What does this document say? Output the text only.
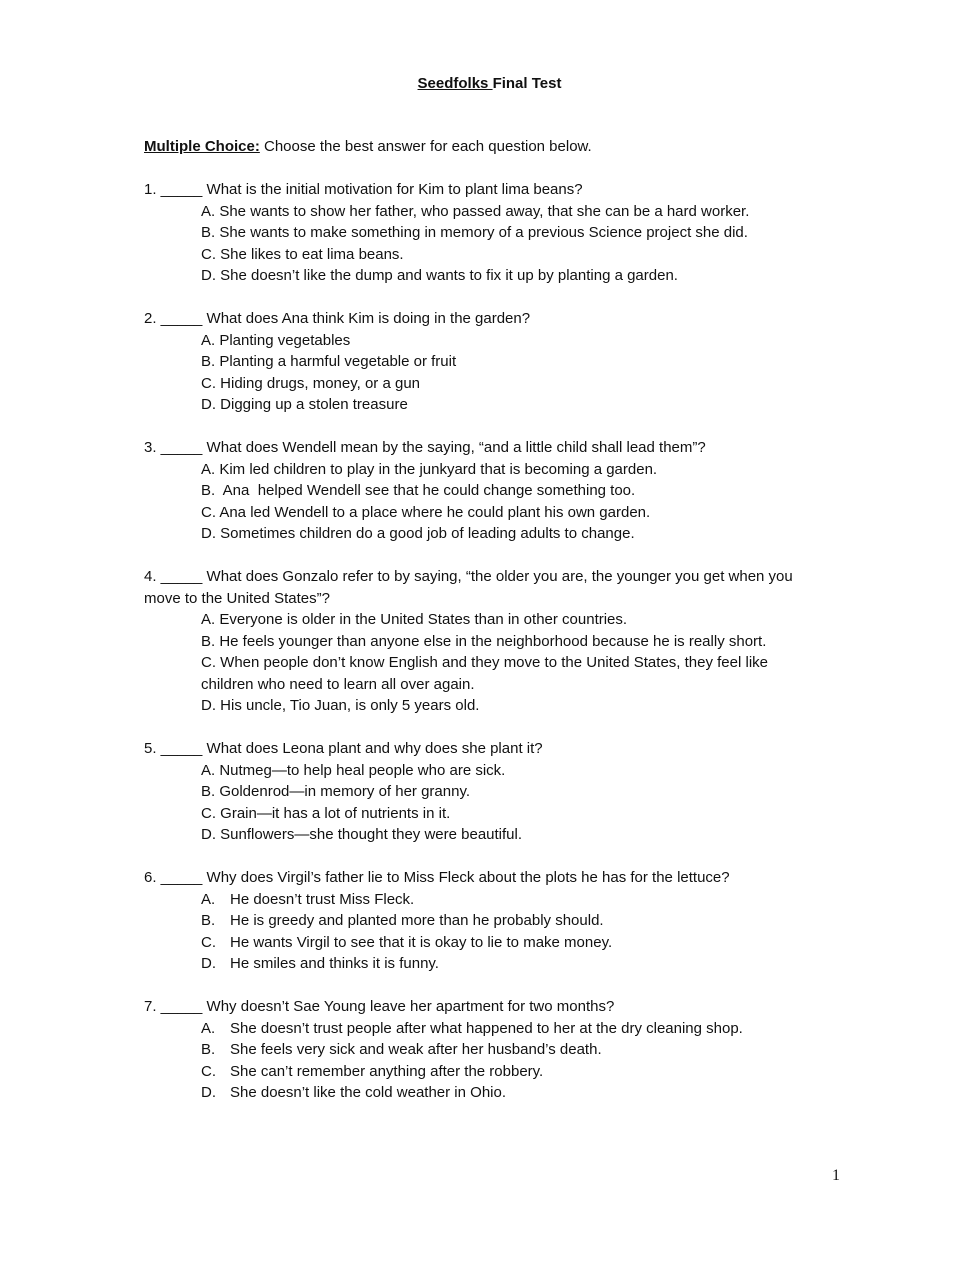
Seedfolks Final Test
Multiple Choice: Choose the best answer for each question below.

1. _____ What is the initial motivation for Kim to plant lima beans?

A. She wants to show her father, who passed away, that she can be a hard worker.

B. She wants to make something in memory of a previous Science project she did.

C. She likes to eat lima beans.

D. She doesn’t like the dump and wants to fix it up by planting a garden.

2. _____ What does Ana think Kim is doing in the garden?

A. Planting vegetables

B. Planting a harmful vegetable or fruit

C. Hiding drugs, money, or a gun

D. Digging up a stolen treasure

3. _____ What does Wendell mean by the saying, “and a little child shall lead them”?

A. Kim led children to play in the junkyard that is becoming a garden.

B.  Ana  helped Wendell see that he could change something too.

C. Ana led Wendell to a place where he could plant his own garden.

D. Sometimes children do a good job of leading adults to change.

4. _____ What does Gonzalo refer to by saying, “the older you are, the younger you get when you move to the United States”?

A. Everyone is older in the United States than in other countries.

B. He feels younger than anyone else in the neighborhood because he is really short.

C. When people don’t know English and they move to the United States, they feel like children who need to learn all over again.

D. His uncle, Tio Juan, is only 5 years old.

5. _____ What does Leona plant and why does she plant it?

A. Nutmeg—to help heal people who are sick.

B. Goldenrod—in memory of her granny.

C. Grain—it has a lot of nutrients in it.

D. Sunflowers—she thought they were beautiful.

6. _____ Why does Virgil’s father lie to Miss Fleck about the plots he has for the lettuce?

A. He doesn’t trust Miss Fleck.

B. He is greedy and planted more than he probably should.

C. He wants Virgil to see that it is okay to lie to make money.

D. He smiles and thinks it is funny.

7. _____ Why doesn’t Sae Young leave her apartment for two months?

A. She doesn’t trust people after what happened to her at the dry cleaning shop.

B. She feels very sick and weak after her husband’s death.

C. She can’t remember anything after the robbery.

D. She doesn’t like the cold weather in Ohio.

1
